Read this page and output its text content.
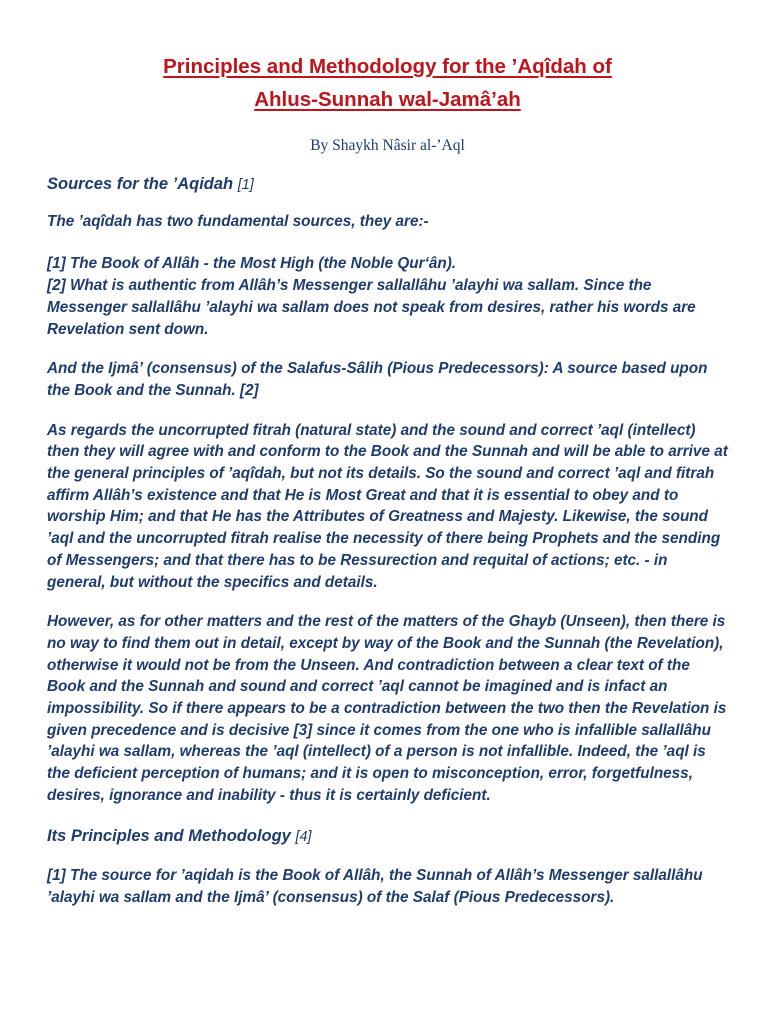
Principles and Methodology for the ’Aqîdah of
Ahlus-Sunnah wal-Jamâ’ah
By Shaykh Nâsir al-’Aql
Sources for the ’Aqidah [1]

The ’aqîdah has two fundamental sources, they are:-

[1] The Book of Allâh - the Most High (the Noble Qur‘ân).

[2] What is authentic from Allâh’s Messenger sallallâhu ’alayhi wa sallam. Since the Messenger sallallâhu ’alayhi wa sallam does not speak from desires, rather his words are Revelation sent down.

And the Ijmâ’ (consensus) of the Salafus-Sâlih (Pious Predecessors): A source based upon the Book and the Sunnah. [2]

As regards the uncorrupted fitrah (natural state) and the sound and correct ’aql (intellect) then they will agree with and conform to the Book and the Sunnah and will be able to arrive at the general principles of ’aqîdah, but not its details. So the sound and correct ’aql and fitrah affirm Allâh’s existence and that He is Most Great and that it is essential to obey and to worship Him; and that He has the Attributes of Greatness and Majesty. Likewise, the sound ’aql and the uncorrupted fitrah realise the necessity of there being Prophets and the sending of Messengers; and that there has to be Ressurection and requital of actions; etc. - in general, but without the specifics and details.

However, as for other matters and the rest of the matters of the Ghayb (Unseen), then there is no way to find them out in detail, except by way of the Book and the Sunnah (the Revelation), otherwise it would not be from the Unseen. And contradiction between a clear text of the Book and the Sunnah and sound and correct ’aql cannot be imagined and is infact an impossibility. So if there appears to be a contradiction between the two then the Revelation is given precedence and is decisive [3] since it comes from the one who is infallible sallallâhu ’alayhi wa sallam, whereas the ’aql (intellect) of a person is not infallible. Indeed, the ’aql is the deficient perception of humans; and it is open to misconception, error, forgetfulness, desires, ignorance and inability - thus it is certainly deficient.

Its Principles and Methodology [4]

[1] The source for ’aqidah is the Book of Allâh, the Sunnah of Allâh’s Messenger sallallâhu ’alayhi wa sallam and the Ijmâ’ (consensus) of the Salaf (Pious Predecessors).
